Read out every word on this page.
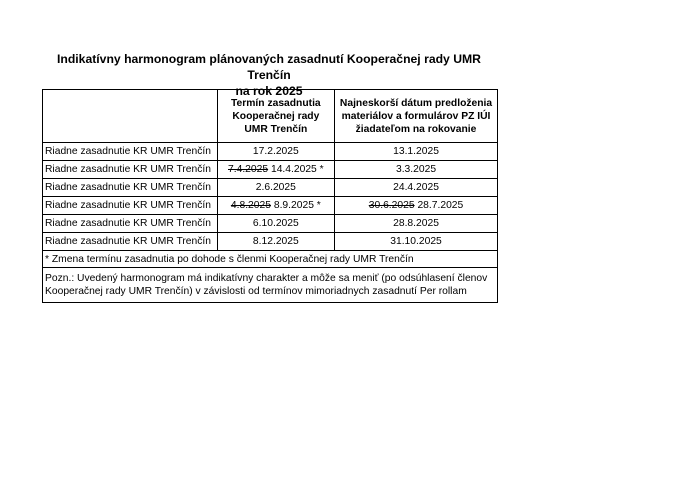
Indikatívny harmonogram plánovaných zasadnutí Kooperačnej rady UMR Trenčín
na rok 2025
	Termín zasadnutia Kooperačnej rady UMR Trenčín	Najneskorší dátum predloženia materiálov a formulárov PZ IÚI žiadateľom na rokovanie
Riadne zasadnutie KR UMR Trenčín	17.2.2025	13.1.2025
Riadne zasadnutie KR UMR Trenčín	7.4.2025 14.4.2025 *	3.3.2025
Riadne zasadnutie KR UMR Trenčín	2.6.2025	24.4.2025
Riadne zasadnutie KR UMR Trenčín	4.8.2025 8.9.2025 *	30.6.2025 28.7.2025
Riadne zasadnutie KR UMR Trenčín	6.10.2025	28.8.2025
Riadne zasadnutie KR UMR Trenčín	8.12.2025	31.10.2025
* Zmena termínu zasadnutia po dohode s členmi Kooperačnej rady UMR Trenčín		

Pozn.: Uvedený harmonogram má indikatívny charakter a môže sa meniť (po odsúhlasení členov
Kooperačnej rady UMR Trenčín) v závislosti od termínov mimoriadnych zasadnutí Per rollam		
